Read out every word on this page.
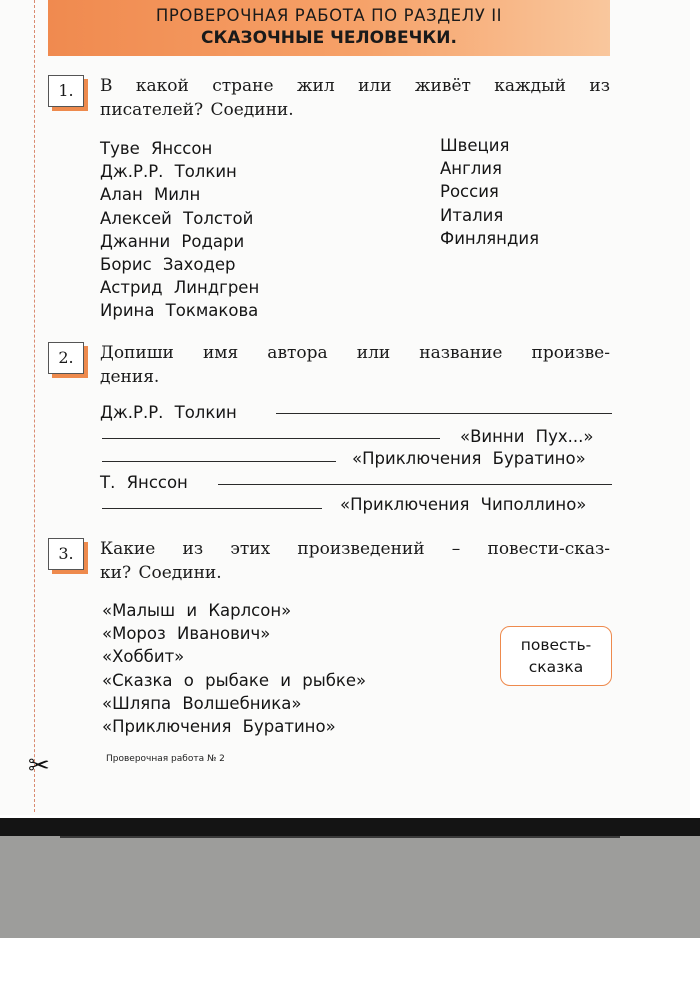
✂
ПРОВЕРОЧНАЯ РАБОТА ПО РАЗДЕЛУ II
СКАЗОЧНЫЕ ЧЕЛОВЕЧКИ.
1.	В какой стране жил или живёт каждый из
писателей? Соедини.
Туве Янссон
Дж.Р.Р. Толкин
Алан Милн
Алексей Толстой
Джанни Родари
Борис Заходер
Астрид Линдгрен
Ирина Токмакова
Швеция
Англия
Россия
Италия
Финляндия
2.	Допиши имя автора или название произве-
дения.
Дж.Р.Р. Толкин
«Винни Пух...»
«Приключения Буратино»
Т. Янссон
«Приключения Чиполлино»
3.	Какие из этих произведений – повести-сказ-
ки? Соедини.
«Малыш и Карлсон»
«Мороз Иванович»
«Хоббит»
«Сказка о рыбаке и рыбке»
«Шляпа Волшебника»
«Приключения Буратино»
повесть-
сказка
Проверочная работа № 2
